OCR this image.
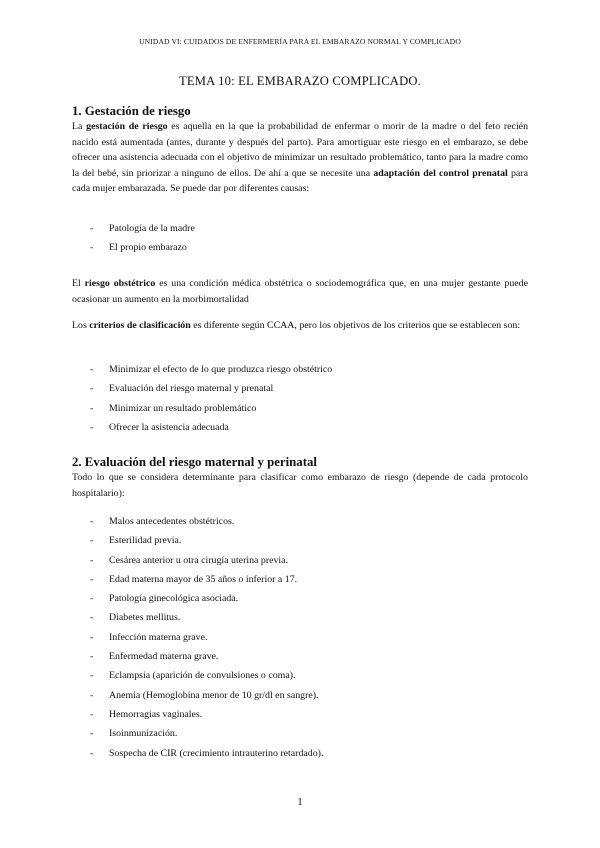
UNIDAD VI: CUIDADOS DE ENFERMERÍA PARA EL EMBARAZO NORMAL Y COMPLICADO
TEMA 10: EL EMBARAZO COMPLICADO.
1. Gestación de riesgo

La gestación de riesgo es aquella en la que la probabilidad de enfermar o morir de la madre o del feto recién nacido está aumentada (antes, durante y después del parto). Para amortiguar este riesgo en el embarazo, se debe ofrecer una asistencia adecuada con el objetivo de minimizar un resultado problemático, tanto para la madre como la del bebé, sin priorizar a ninguno de ellos. De ahí a que se necesite una adaptación del control prenatal para cada mujer embarazada. Se puede dar por diferentes causas:

- Patología de la madre
- El propio embarazo

El riesgo obstétrico es una condición médica obstétrica o sociodemográfica que, en una mujer gestante puede ocasionar un aumento en la morbimortalidad

Los criterios de clasificación es diferente según CCAA, pero los objetivos de los criterios que se establecen son:

- Minimizar el efecto de lo que produzca riesgo obstétrico
- Evaluación del riesgo maternal y prenatal
- Minimizar un resultado problemático
- Ofrecer la asistencia adecuada
2. Evaluación del riesgo maternal y perinatal

Todo lo que se considera determinante para clasificar como embarazo de riesgo (depende de cada protocolo hospitalario):

- Malos antecedentes obstétricos.
- Esterilidad previa.
- Cesárea anterior u otra cirugía uterina previa.
- Edad materna mayor de 35 años o inferior a 17.
- Patología ginecológica asociada.
- Diabetes mellitus.
- Infección materna grave.
- Enfermedad materna grave.
- Eclampsia (aparición de convulsiones o coma).
- Anemia (Hemoglobina menor de 10 gr/dl en sangre).
- Hemorragias vaginales.
- Isoinmunización.
- Sospecha de CIR (crecimiento intrauterino retardado).
1
